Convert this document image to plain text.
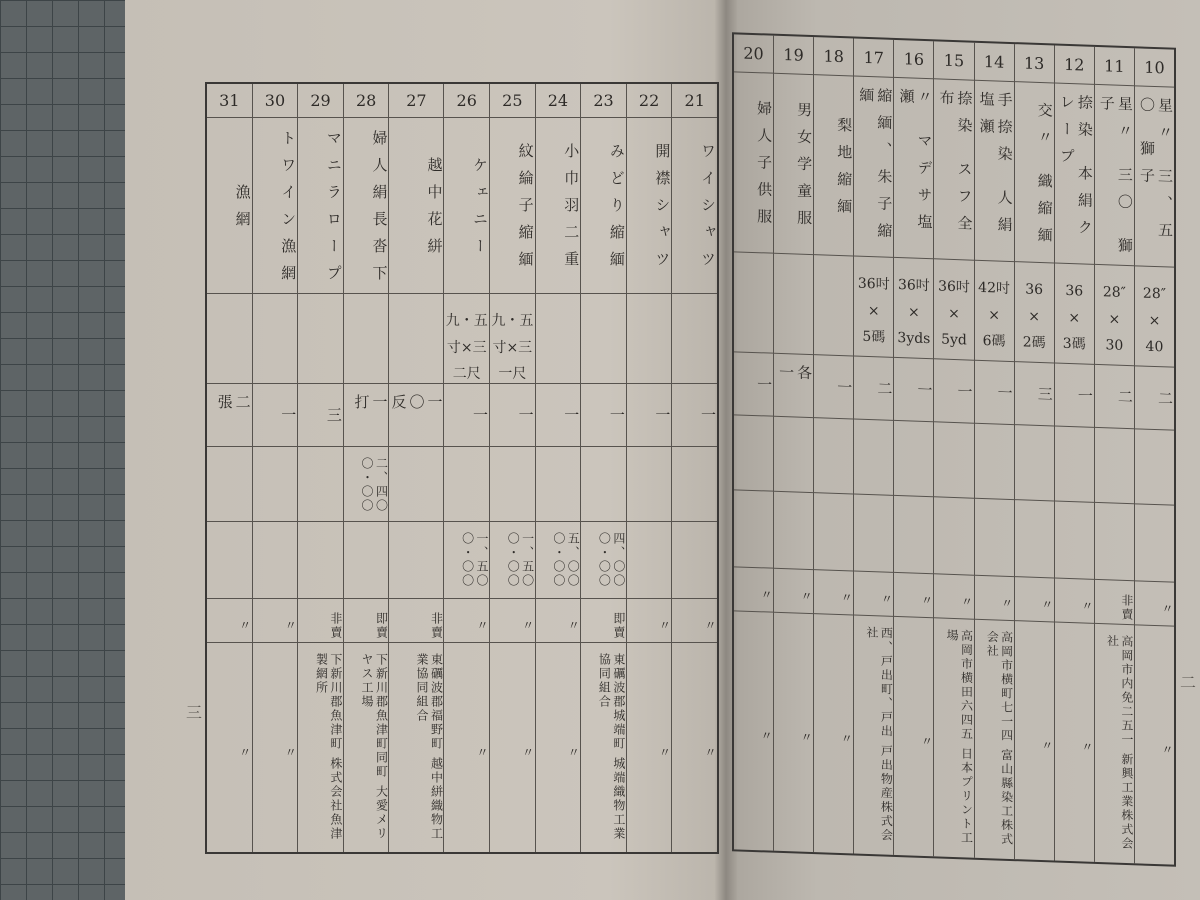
21
ワイシャツ
一
〃
〃
22
開襟シャツ
一
〃
〃
23
みどり縮緬
一
四、〇〇〇・〇〇
即賣
東礪波郡城端町 城端織物工業協同組合
24
小巾羽二重
一
五、〇〇〇・〇〇
〃
〃
25
紋綸子縮緬
九・五寸×三一尺
一
一、五〇〇・〇〇
〃
〃
26
ケェニー
九・五寸×三二尺
一
一、五〇〇・〇〇
〃
〃
27
越中花絣
一〇反
非賣
東礪波郡福野町 越中絣織物工業協同組合
28
婦人絹長沓下
一打
二、四〇〇・〇〇
即賣
下新川郡魚津町同町 大愛メリヤス工場
29
マニラロープ
三
非賣
下新川郡魚津町 株式会社魚津製網所
30
トワイン漁網
一
〃
〃
31
漁網
二張
〃
〃
10
星〃 三、五〇 獅子
28″
×
40
二
〃
〃
11
星〃 三〇 獅子
28″
×
30
二
非賣
高岡市内免二五一 新興工業株式会社
12
捺染 本絹クレープ
36
×
3碼
一
〃
〃
13
交〃 織縮緬
36
×
2碼
三
〃
〃
14
手捺染 人絹塩瀬
42吋
×
6碼
一
〃
高岡市横町七一四 富山縣染工株式会社
15
捺染 スフ全布
36吋
×
5yd
一
〃
高岡市横田六四五 日本プリント工場
16
〃 マデサ塩瀬
36吋
×
3yds
一
〃
〃
17
縮緬、朱子縮緬
36吋
×
5碼
二
〃
西、戸出町、戸出 戸出物産株式会社
18
梨地縮緬
一
〃
〃
19
男女学童服
各一
〃
〃
20
婦人子供服
一
〃
〃
三
二
